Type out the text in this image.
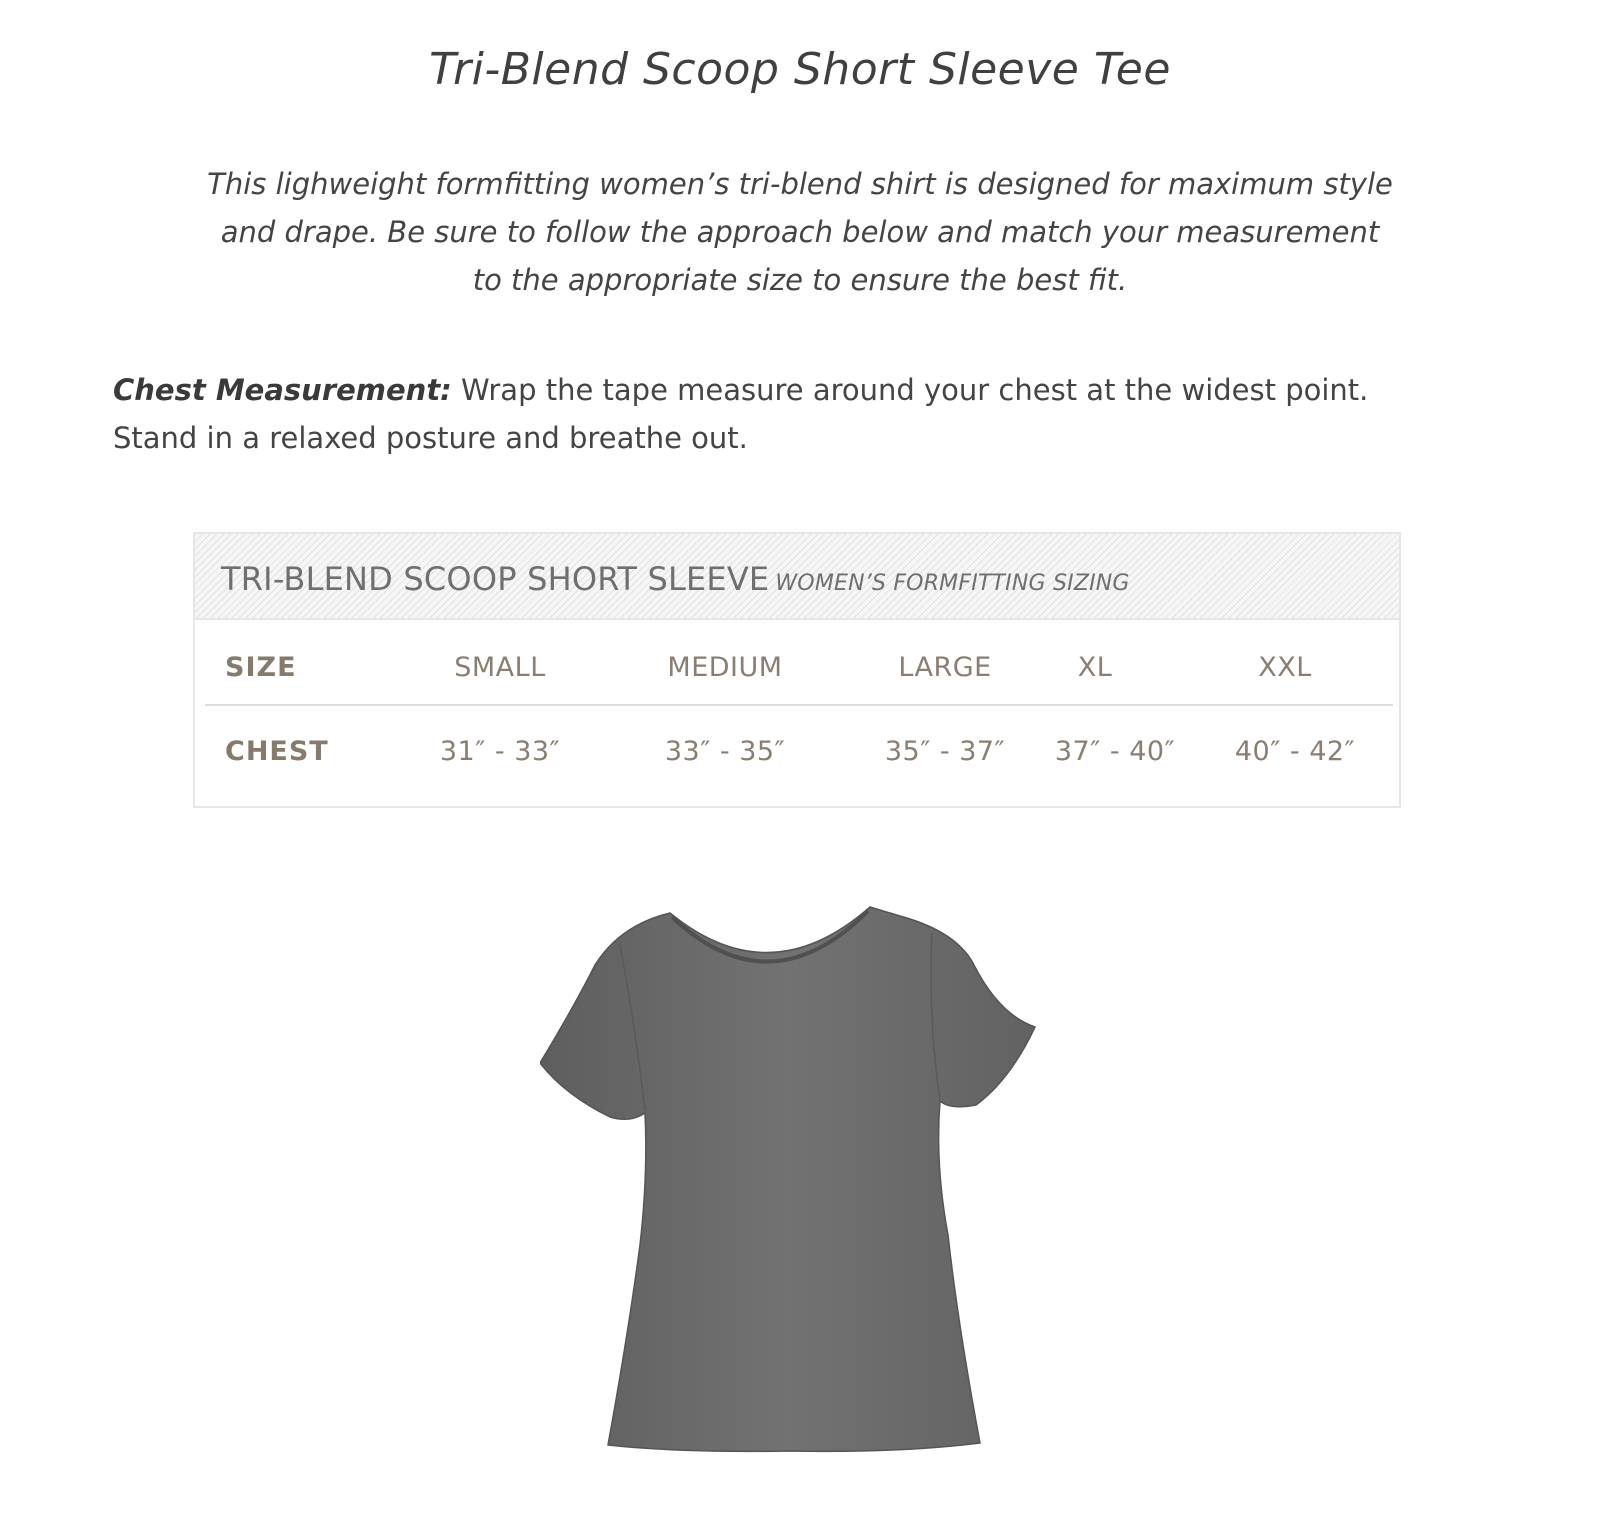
Tri-Blend Scoop Short Sleeve Tee
This lighweight formfitting women’s tri-blend shirt is designed for maximum style
and drape. Be sure to follow the approach below and match your measurement
to the appropriate size to ensure the best fit.
Chest Measurement: Wrap the tape measure around your chest at the widest point.
Stand in a relaxed posture and breathe out.
TRI-BLEND SCOOP SHORT SLEEVE WOMEN’S FORMFITTING SIZING
SIZE	SMALL	MEDIUM	LARGE	XL	XXL
CHEST	31″ - 33″	33″ - 35″	35″ - 37″	37″ - 40″	40″ - 42″
